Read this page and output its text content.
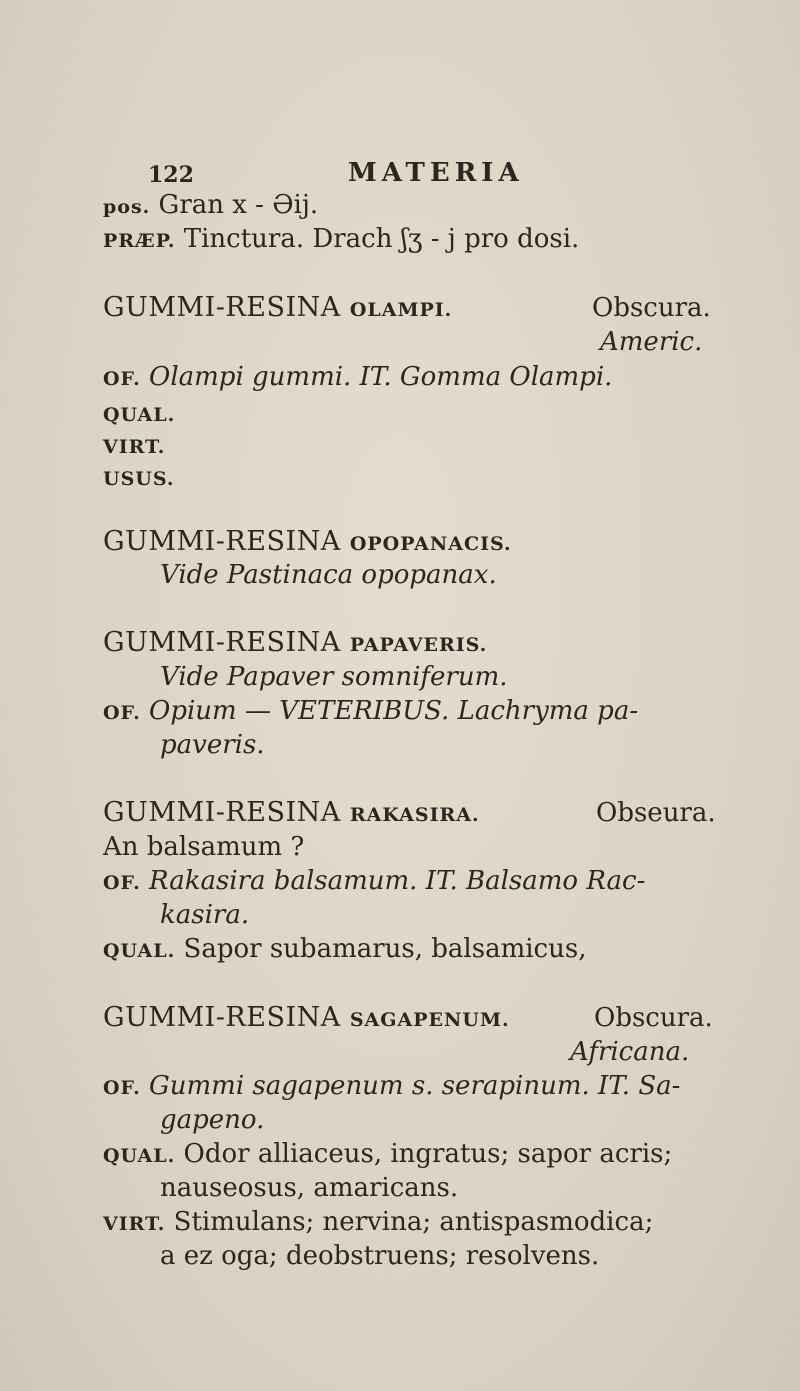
122	MATERIA
pos. Gran x - Əij.
PRÆP. Tinctura. Drach ʃʒ - j pro dosi.
GUMMI-RESINA OLAMPI.	Obscura.
Americ.
OF. Olampi gummi. IT. Gomma Olampi.
QUAL.
VIRT.
USUS.
GUMMI-RESINA OPOPANACIS.
Vide Pastinaca opopanax.
GUMMI-RESINA PAPAVERIS.
Vide Papaver somniferum.
OF. Opium — VETERIBUS. Lachryma pa-
paveris.
GUMMI-RESINA RAKASIRA.	Obseura.
An balsamum ?
OF. Rakasira balsamum. IT. Balsamo Rac-
kasira.
QUAL. Sapor subamarus, balsamicus,
GUMMI-RESINA SAGAPENUM.	Obscura.
Africana.
OF. Gummi sagapenum s. serapinum. IT. Sa-
gapeno.
QUAL. Odor alliaceus, ingratus; sapor acris;
nauseosus, amaricans.
VIRT. Stimulans; nervina; antispasmodica;
a ez oga; deobstruens; resolvens.
